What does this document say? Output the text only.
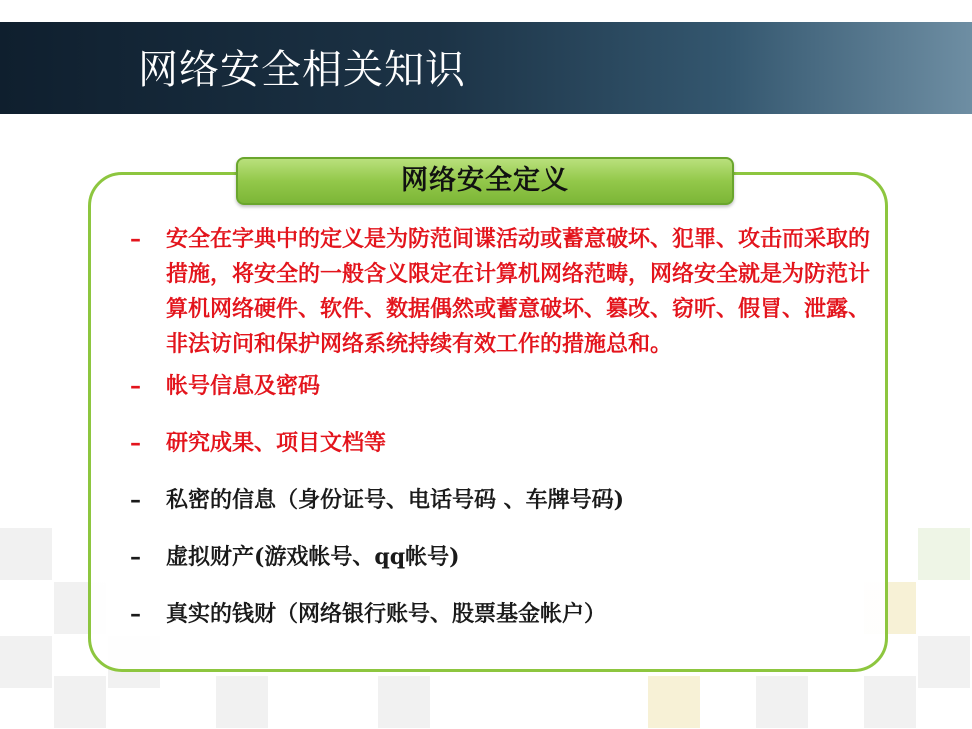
网络安全相关知识
网络安全定义
– 安全在字典中的定义是为防范间谍活动或蓄意破坏、犯罪、攻击而采取的措施，将安全的一般含义限定在计算机网络范畴，网络安全就是为防范计算机网络硬件、软件、数据偶然或蓄意破坏、篡改、窃听、假冒、泄露、非法访问和保护网络系统持续有效工作的措施总和。
– 帐号信息及密码
– 研究成果、项目文档等
– 私密的信息（身份证号、电话号码 、车牌号码)
– 虚拟财产(游戏帐号、qq帐号)
– 真实的钱财（网络银行账号、股票基金帐户）
